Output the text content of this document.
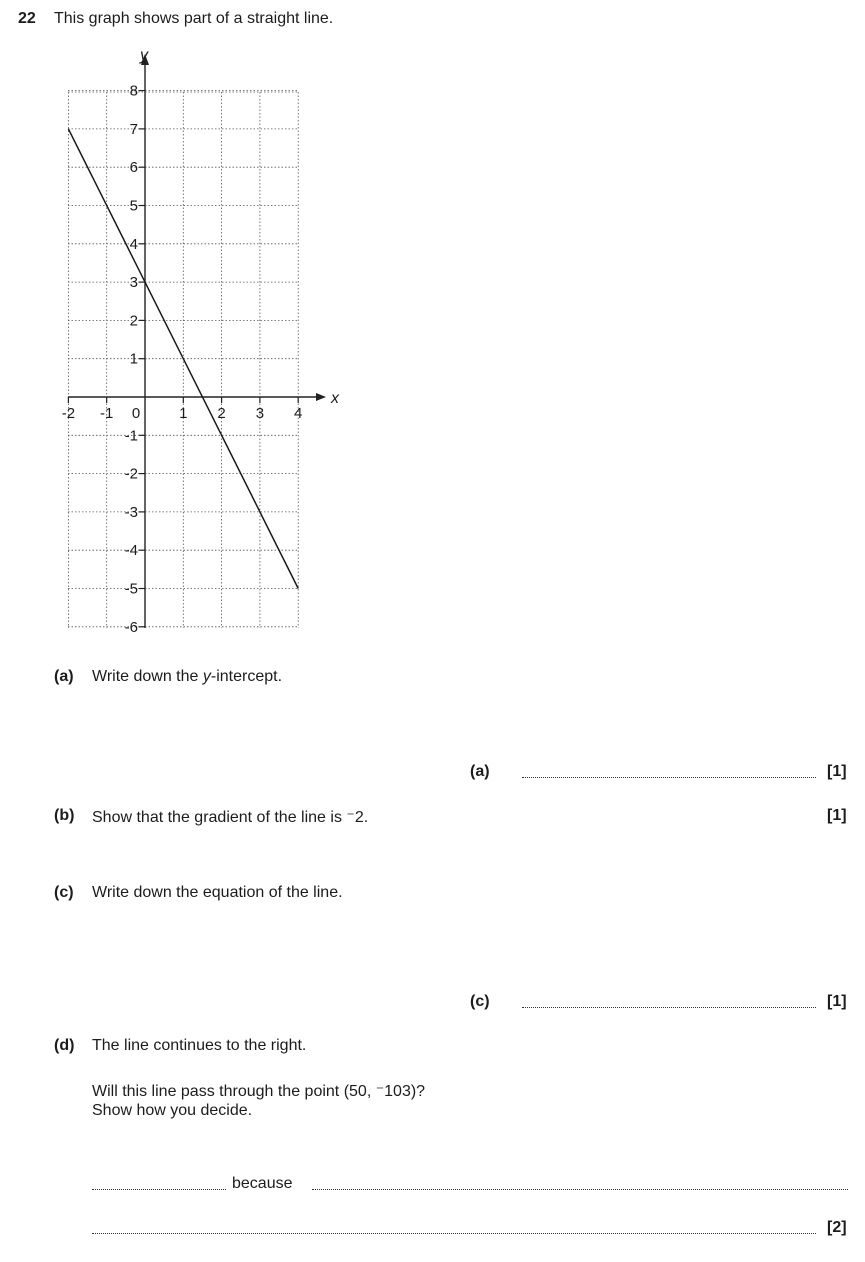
22 This graph shows part of a straight line.
x
y
-2 -1 0	1 2 3 4
8
7
6
5
4
3
2
1
-1
-2
-3
-4
-5
-6
(a) Write down the y-intercept.
(a)	[1]
(b) Show that the gradient of the line is ⁻2.	[1]
(c) Write down the equation of the line.
(c)	[1]
(d) The line continues to the right.
Will this line pass through the point (50, ⁻103)?
Show how you decide.
because
[2]
